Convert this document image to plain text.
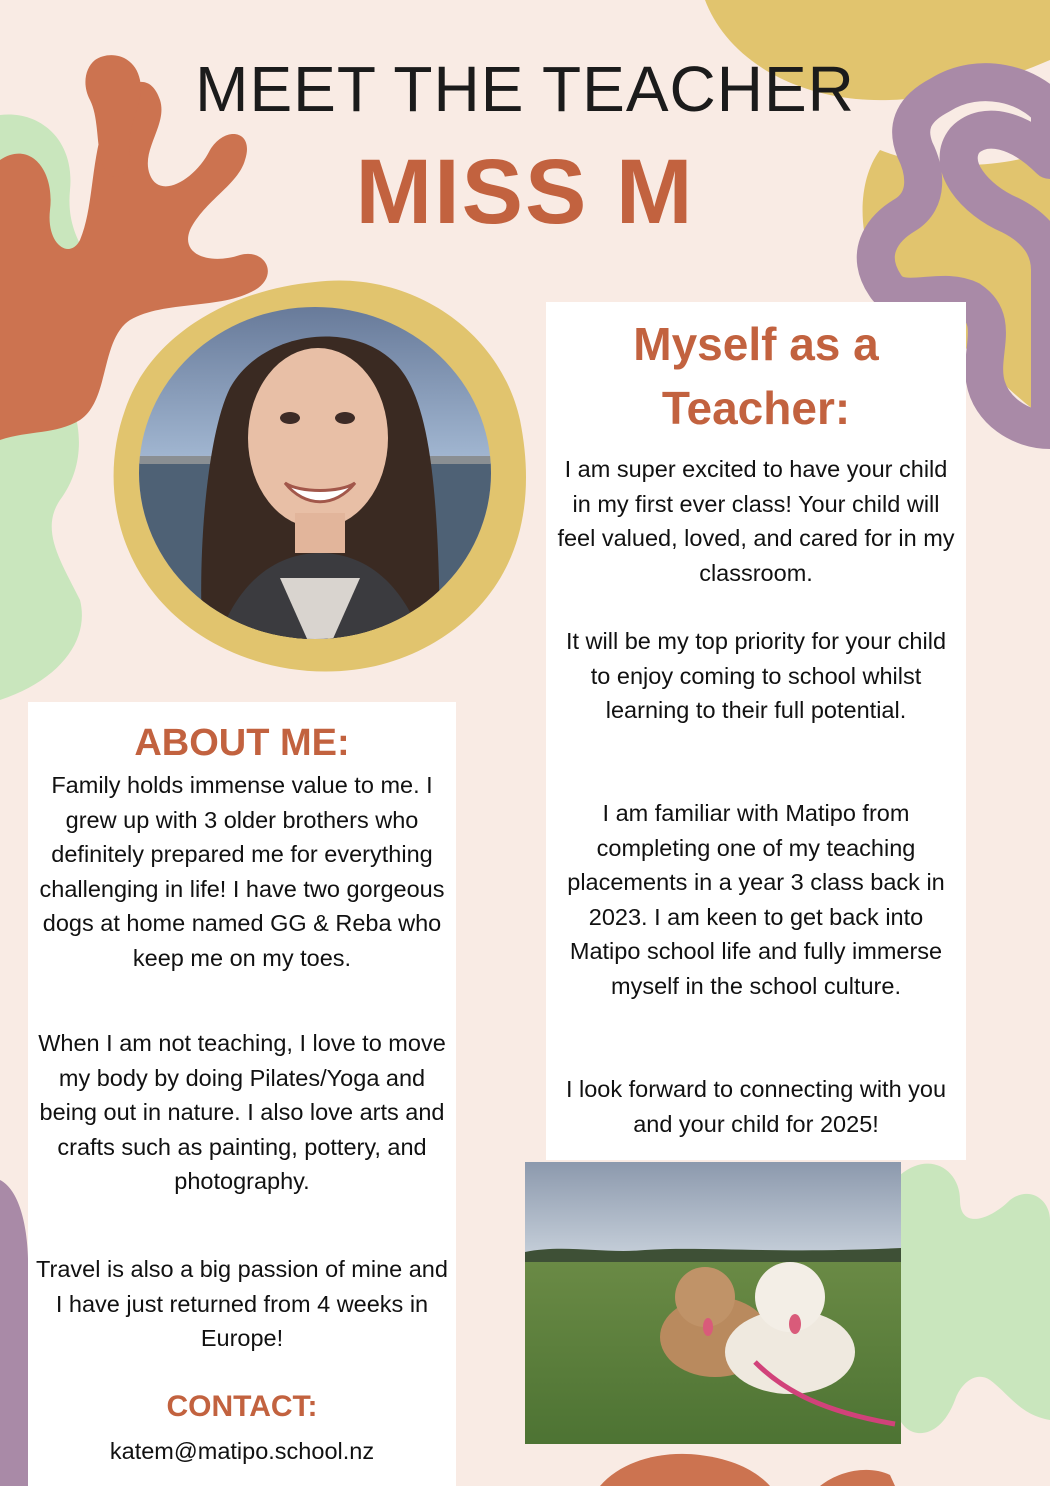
MEET THE TEACHER
MISS M
ABOUT ME:

Family holds immense value to me. I grew up with 3 older brothers who definitely prepared me for everything challenging in life! I have two gorgeous dogs at home named GG & Reba who keep me on my toes.

When I am not teaching, I love to move my body by doing Pilates/Yoga and being out in nature. I also love arts and crafts such as painting, pottery, and photography.

Travel is also a big passion of mine and I have just returned from 4 weeks in Europe!

CONTACT:

katem@matipo.school.nz

Myself as a
Teacher:

I am super excited to have your child in my first ever class! Your child will feel valued, loved, and cared for in my classroom.

It will be my top priority for your child to enjoy coming to school whilst learning to their full potential.

I am familiar with Matipo from completing one of my teaching placements in a year 3 class back in 2023. I am keen to get back into Matipo school life and fully immerse myself in the school culture.

I look forward to connecting with you and your child for 2025!
